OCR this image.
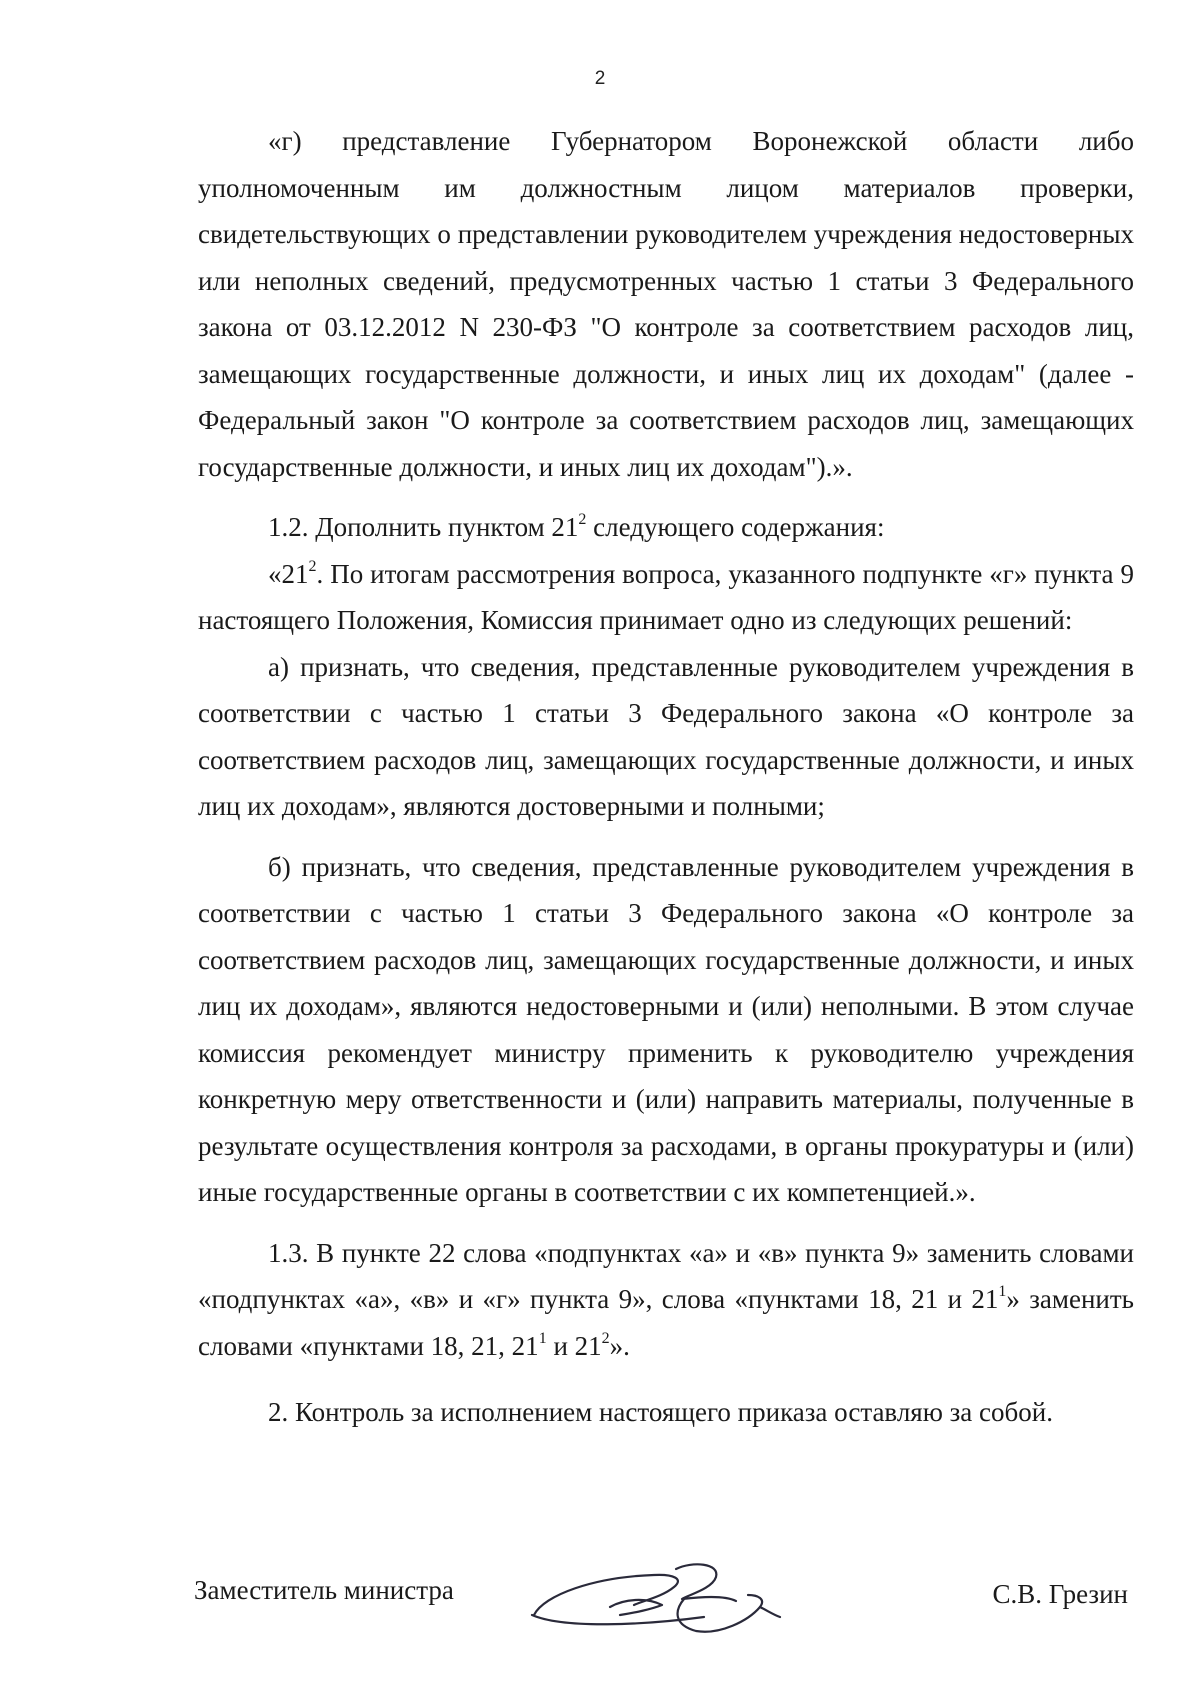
2

«г) представление Губернатором Воронежской области либо уполномоченным им должностным лицом материалов проверки, свидетельствующих о представлении руководителем учреждения недостоверных или неполных сведений, предусмотренных частью 1 статьи 3 Федерального закона от 03.12.2012 N 230-ФЗ "О контроле за соответствием расходов лиц, замещающих государственные должности, и иных лиц их доходам" (далее - Федеральный закон "О контроле за соответствием расходов лиц, замещающих государственные должности, и иных лиц их доходам").».

1.2. Дополнить пунктом $21^2$ следующего содержания:

«$21^2$. По итогам рассмотрения вопроса, указанного подпункте «г» пункта 9 настоящего Положения, Комиссия принимает одно из следующих решений:

а) признать, что сведения, представленные руководителем учреждения в соответствии с частью 1 статьи 3 Федерального закона «О контроле за соответствием расходов лиц, замещающих государственные должности, и иных лиц их доходам», являются достоверными и полными;

б) признать, что сведения, представленные руководителем учреждения в соответствии с частью 1 статьи 3 Федерального закона «О контроле за соответствием расходов лиц, замещающих государственные должности, и иных лиц их доходам», являются недостоверными и (или) неполными. В этом случае комиссия рекомендует министру применить к руководителю учреждения конкретную меру ответственности и (или) направить материалы, полученные в результате осуществления контроля за расходами, в органы прокуратуры и (или) иные государственные органы в соответствии с их компетенцией.».

1.3. В пункте 22 слова «подпунктах «а» и «в» пункта 9» заменить словами «подпунктах «а», «в» и «г» пункта 9», слова «пунктами 18, 21 и $21^1$» заменить словами «пунктами 18, 21, $21^1$ и $21^2$».

2. Контроль за исполнением настоящего приказа оставляю за собой.

Заместитель министра	С.В. Грезин
